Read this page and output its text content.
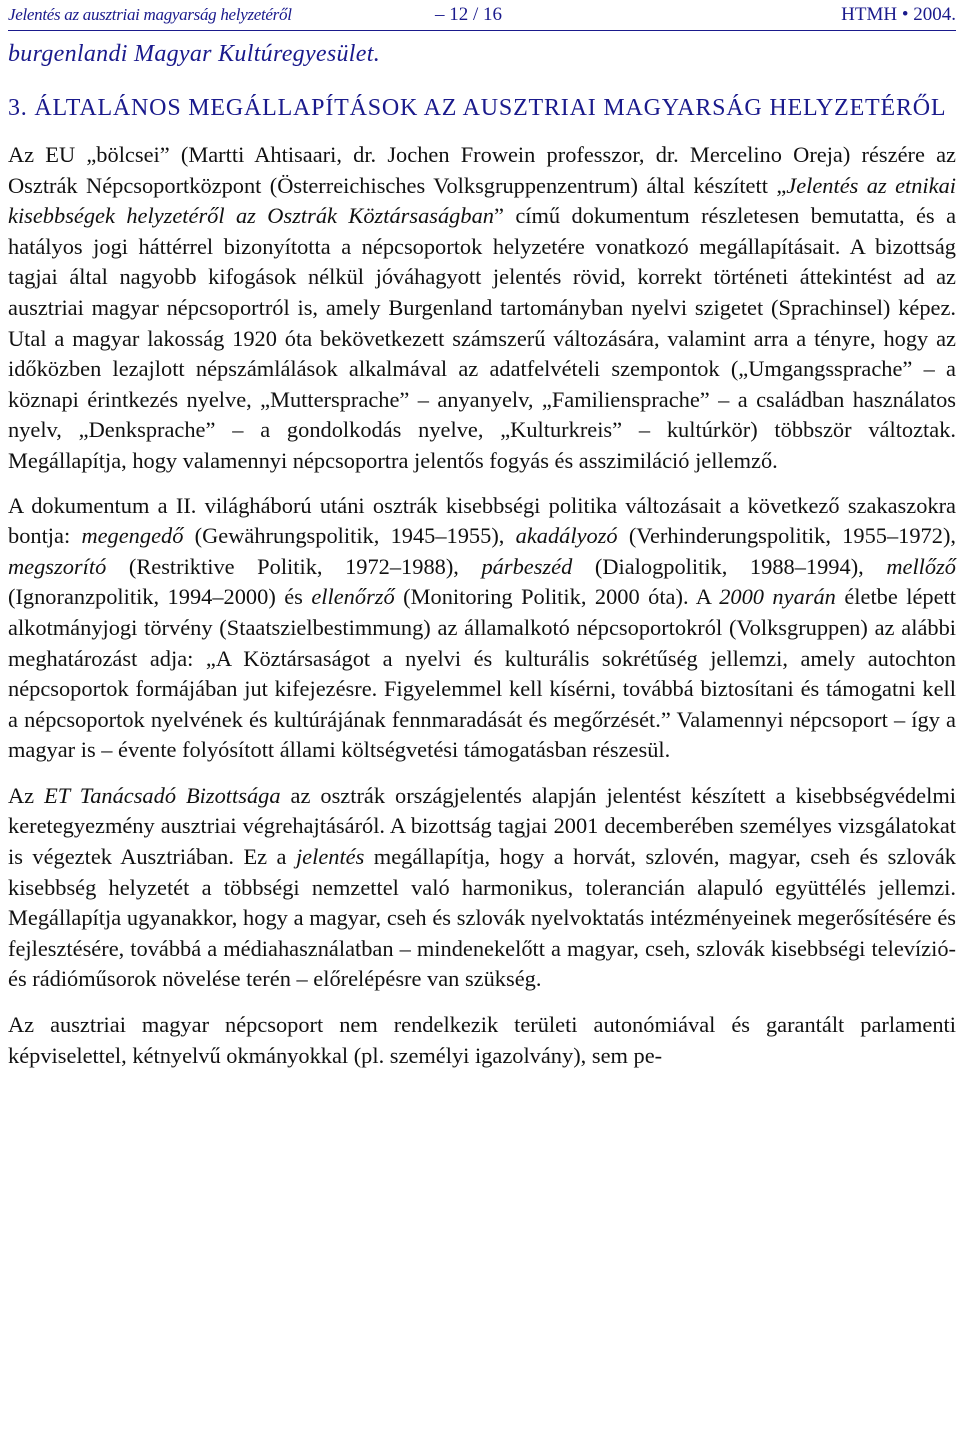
Jelentés az ausztriai magyarság helyzetéről	– 12 / 16	HTMH • 2004.
burgenlandi Magyar Kultúregyesület.
3. ÁLTALÁNOS MEGÁLLAPÍTÁSOK AZ AUSZTRIAI MAGYARSÁG HELYZETÉRŐL

Az EU „bölcsei” (Martti Ahtisaari, dr. Jochen Frowein professzor, dr. Mercelino Oreja) részére az Osztrák Népcsoportközpont (Österreichisches Volksgruppenzentrum) által készített „Jelentés az etnikai kisebbségek helyzetéről az Osztrák Köztársaságban” című dokumentum részletesen bemutatta, és a hatályos jogi háttérrel bizonyította a népcsoportok helyzetére vonatkozó megállapításait. A bizottság tagjai által nagyobb kifogások nélkül jóváhagyott jelentés rövid, korrekt történeti áttekintést ad az ausztriai magyar népcsoportról is, amely Burgenland tartományban nyelvi szigetet (Sprachinsel) képez. Utal a magyar lakosság 1920 óta bekövetkezett számszerű változására, valamint arra a tényre, hogy az időközben lezajlott népszámlálások alkalmával az adatfelvételi szempontok („Umgangssprache” – a köznapi érintkezés nyelve, „Muttersprache” – anyanyelv, „Familiensprache” – a családban használatos nyelv, „Denksprache” – a gondolkodás nyelve, „Kulturkreis” – kultúrkör) többször változtak. Megállapítja, hogy valamennyi népcsoportra jelentős fogyás és asszimiláció jellemző.

A dokumentum a II. világháború utáni osztrák kisebbségi politika változásait a következő szakaszokra bontja: megengedő (Gewährungspolitik, 1945–1955), akadályozó (Verhinderungspolitik, 1955–1972), megszorító (Restriktive Politik, 1972–1988), párbeszéd (Dialogpolitik, 1988–1994), mellőző (Ignoranzpolitik, 1994–2000) és ellenőrző (Monitoring Politik, 2000 óta). A 2000 nyarán életbe lépett alkotmányjogi törvény (Staatszielbestimmung) az államalkotó népcsoportokról (Volksgruppen) az alábbi meghatározást adja: „A Köztársaságot a nyelvi és kulturális sokrétűség jellemzi, amely autochton népcsoportok formájában jut kifejezésre. Figyelemmel kell kísérni, továbbá biztosítani és támogatni kell a népcsoportok nyelvének és kultúrájának fennmaradását és megőrzését.” Valamennyi népcsoport – így a magyar is – évente folyósított állami költségvetési támogatásban részesül.

Az ET Tanácsadó Bizottsága az osztrák országjelentés alapján jelentést készített a kisebbségvédelmi keretegyezmény ausztriai végrehajtásáról. A bizottság tagjai 2001 decemberében személyes vizsgálatokat is végeztek Ausztriában. Ez a jelentés megállapítja, hogy a horvát, szlovén, magyar, cseh és szlovák kisebbség helyzetét a többségi nemzettel való harmonikus, tolerancián alapuló együttélés jellemzi. Megállapítja ugyanakkor, hogy a magyar, cseh és szlovák nyelvoktatás intézményeinek megerősítésére és fejlesztésére, továbbá a médiahasználatban – mindenekelőtt a magyar, cseh, szlovák kisebbségi televízió- és rádióműsorok növelése terén – előrelépésre van szükség.

Az ausztriai magyar népcsoport nem rendelkezik területi autonómiával és garantált parlamenti képviselettel, kétnyelvű okmányokkal (pl. személyi igazolvány), sem pe-
